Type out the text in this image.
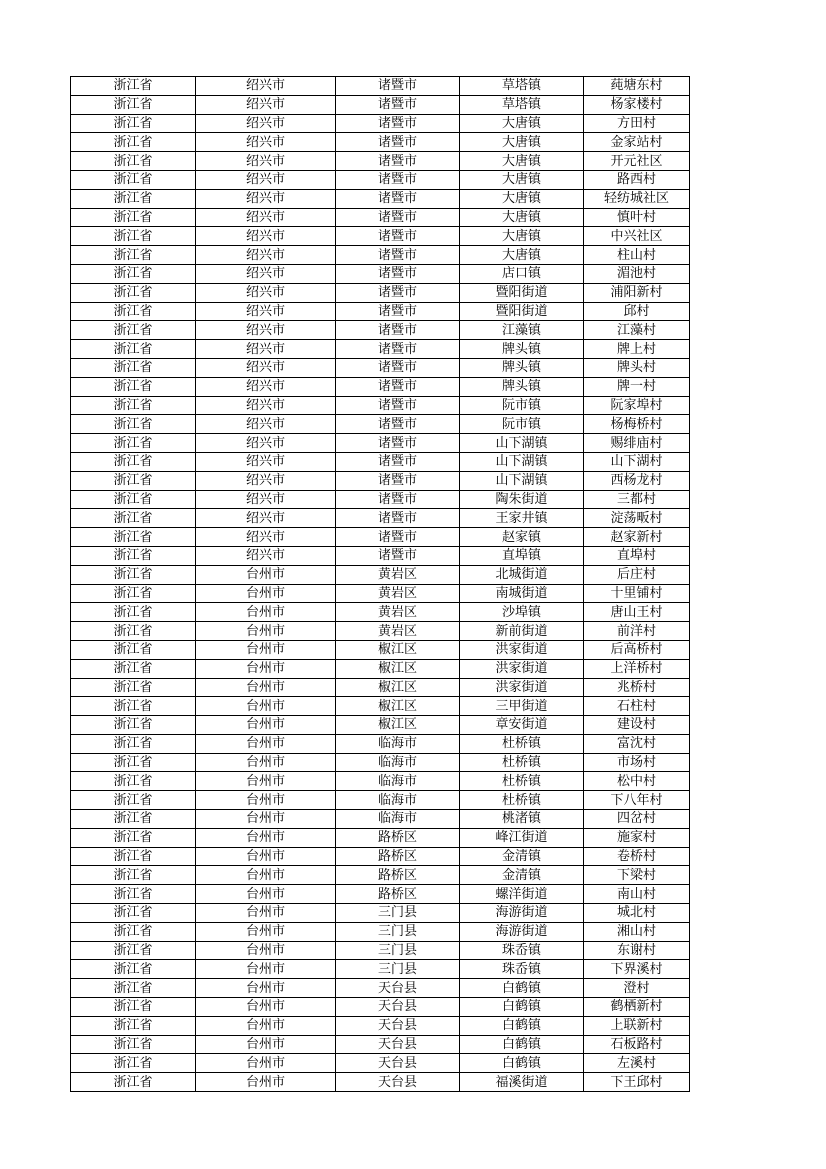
浙江省	绍兴市	诸暨市	草塔镇	莼塘东村
浙江省	绍兴市	诸暨市	草塔镇	杨家楼村
浙江省	绍兴市	诸暨市	大唐镇	方田村
浙江省	绍兴市	诸暨市	大唐镇	金家站村
浙江省	绍兴市	诸暨市	大唐镇	开元社区
浙江省	绍兴市	诸暨市	大唐镇	路西村
浙江省	绍兴市	诸暨市	大唐镇	轻纺城社区
浙江省	绍兴市	诸暨市	大唐镇	慎叶村
浙江省	绍兴市	诸暨市	大唐镇	中兴社区
浙江省	绍兴市	诸暨市	大唐镇	柱山村
浙江省	绍兴市	诸暨市	店口镇	湄池村
浙江省	绍兴市	诸暨市	暨阳街道	浦阳新村
浙江省	绍兴市	诸暨市	暨阳街道	邱村
浙江省	绍兴市	诸暨市	江藻镇	江藻村
浙江省	绍兴市	诸暨市	牌头镇	牌上村
浙江省	绍兴市	诸暨市	牌头镇	牌头村
浙江省	绍兴市	诸暨市	牌头镇	牌一村
浙江省	绍兴市	诸暨市	阮市镇	阮家埠村
浙江省	绍兴市	诸暨市	阮市镇	杨梅桥村
浙江省	绍兴市	诸暨市	山下湖镇	赐绯庙村
浙江省	绍兴市	诸暨市	山下湖镇	山下湖村
浙江省	绍兴市	诸暨市	山下湖镇	西杨龙村
浙江省	绍兴市	诸暨市	陶朱街道	三都村
浙江省	绍兴市	诸暨市	王家井镇	淀荡畈村
浙江省	绍兴市	诸暨市	赵家镇	赵家新村
浙江省	绍兴市	诸暨市	直埠镇	直埠村
浙江省	台州市	黄岩区	北城街道	后庄村
浙江省	台州市	黄岩区	南城街道	十里铺村
浙江省	台州市	黄岩区	沙埠镇	唐山王村
浙江省	台州市	黄岩区	新前街道	前洋村
浙江省	台州市	椒江区	洪家街道	后高桥村
浙江省	台州市	椒江区	洪家街道	上洋桥村
浙江省	台州市	椒江区	洪家街道	兆桥村
浙江省	台州市	椒江区	三甲街道	石柱村
浙江省	台州市	椒江区	章安街道	建设村
浙江省	台州市	临海市	杜桥镇	富沈村
浙江省	台州市	临海市	杜桥镇	市场村
浙江省	台州市	临海市	杜桥镇	松中村
浙江省	台州市	临海市	杜桥镇	下八年村
浙江省	台州市	临海市	桃渚镇	四岔村
浙江省	台州市	路桥区	峰江街道	施家村
浙江省	台州市	路桥区	金清镇	卷桥村
浙江省	台州市	路桥区	金清镇	下梁村
浙江省	台州市	路桥区	螺洋街道	南山村
浙江省	台州市	三门县	海游街道	城北村
浙江省	台州市	三门县	海游街道	湘山村
浙江省	台州市	三门县	珠岙镇	东谢村
浙江省	台州市	三门县	珠岙镇	下界溪村
浙江省	台州市	天台县	白鹤镇	澄村
浙江省	台州市	天台县	白鹤镇	鹤栖新村
浙江省	台州市	天台县	白鹤镇	上联新村
浙江省	台州市	天台县	白鹤镇	石板路村
浙江省	台州市	天台县	白鹤镇	左溪村
浙江省	台州市	天台县	福溪街道	下王邱村
